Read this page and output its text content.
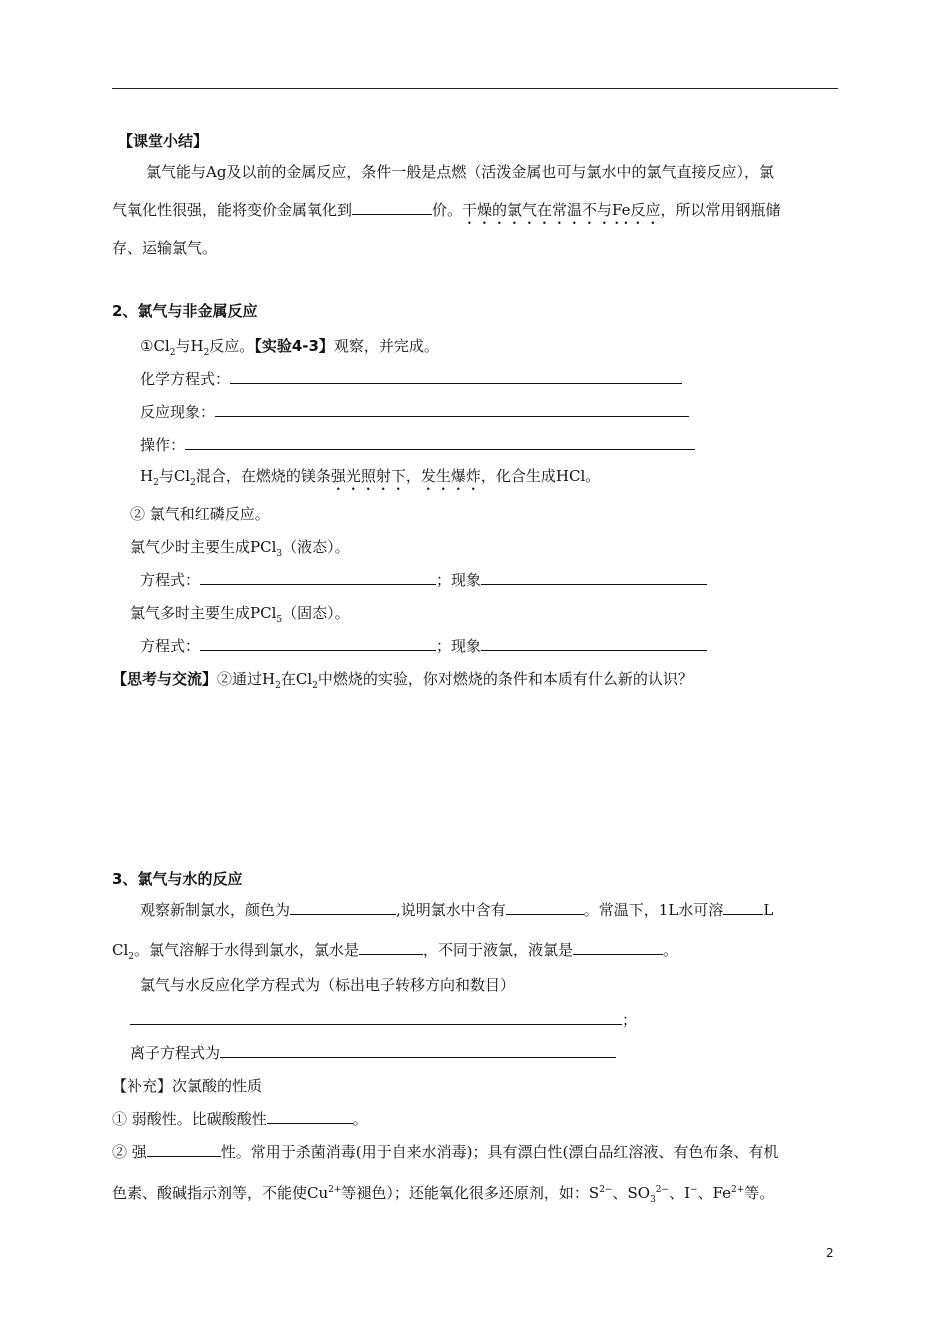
【课堂小结】
氯气能与Ag及以前的金属反应，条件一般是点燃（活泼金属也可与氯水中的氯气直接反应），氯
气氧化性很强，能将变价金属氧化到	价。干燥的氯气在常温不与Fe反应，所以常用钢瓶储
存、运输氯气。
2、氯气与非金属反应
$①Cl_2$与$H_2$反应。【实验4-3】观察，并完成。
化学方程式：
反应现象：
操作：
$H_2$与$Cl_2$混合，在燃烧的镁条强光照射下，发生爆炸，化合生成HCl。
② 氯气和红磷反应。
氯气少时主要生成PCl$_3$（液态）。
方程式：	；现象
氯气多时主要生成PCl$_5$（固态）。
方程式：	；现象
【思考与交流】②通过$H_2$在$Cl_2$中燃烧的实验，你对燃烧的条件和本质有什么新的认识？
3、氯气与水的反应
观察新制氯水，颜色为	,说明氯水中含有	。常温下，1L水可溶	L
$Cl_2$。氯气溶解于水得到氯水，氯水是	，不同于液氯，液氯是	。
氯气与水反应化学方程式为（标出电子转移方向和数目）
；
离子方程式为
【补充】次氯酸的性质
① 弱酸性。比碳酸酸性	。
② 强	性。常用于杀菌消毒(用于自来水消毒)；具有漂白性(漂白品红溶液、有色布条、有机
色素、酸碱指示剂等，不能使$Cu^{2+}$等褪色）；还能氧化很多还原剂，如：$S^{2-}$、$SO_3^{2-}$、I−、$Fe^{2+}$等。
2
